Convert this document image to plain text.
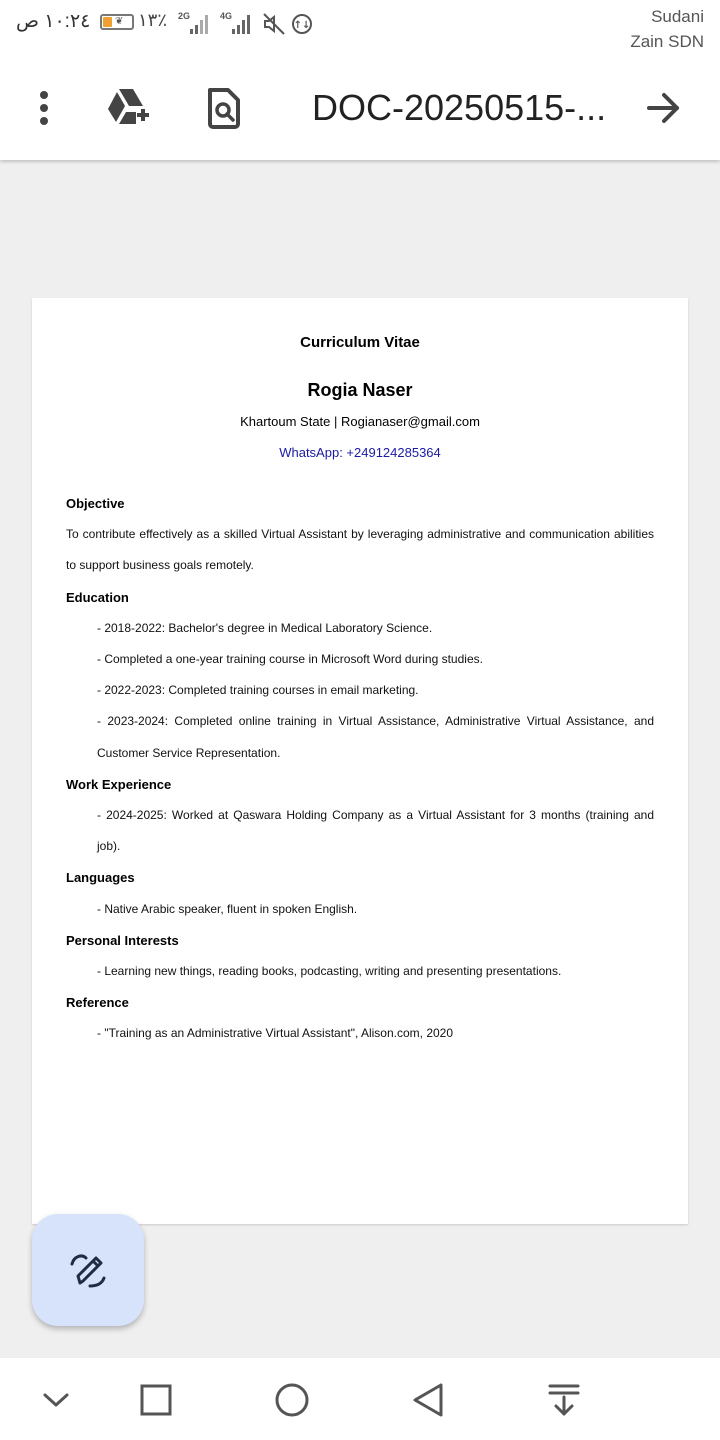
١٠:٢٤ ص ❦ ١٣٪ 2G	4G
↑↓	Sudani
Zain SDN
DOC-20250515-...
Curriculum Vitae
Rogia Naser
Khartoum State | Rogianaser@gmail.com
WhatsApp: +249124285364
Objective
To contribute effectively as a skilled Virtual Assistant by leveraging administrative and communication abilities to support business goals remotely.
Education
- 2018-2022: Bachelor's degree in Medical Laboratory Science.
- Completed a one-year training course in Microsoft Word during studies.
- 2022-2023: Completed training courses in email marketing.
- 2023-2024: Completed online training in Virtual Assistance, Administrative Virtual Assistance, and Customer Service Representation.
Work Experience
- 2024-2025: Worked at Qaswara Holding Company as a Virtual Assistant for 3 months (training and job).
Languages
- Native Arabic speaker, fluent in spoken English.
Personal Interests
- Learning new things, reading books, podcasting, writing and presenting presentations.
Reference
- "Training as an Administrative Virtual Assistant", Alison.com, 2020
